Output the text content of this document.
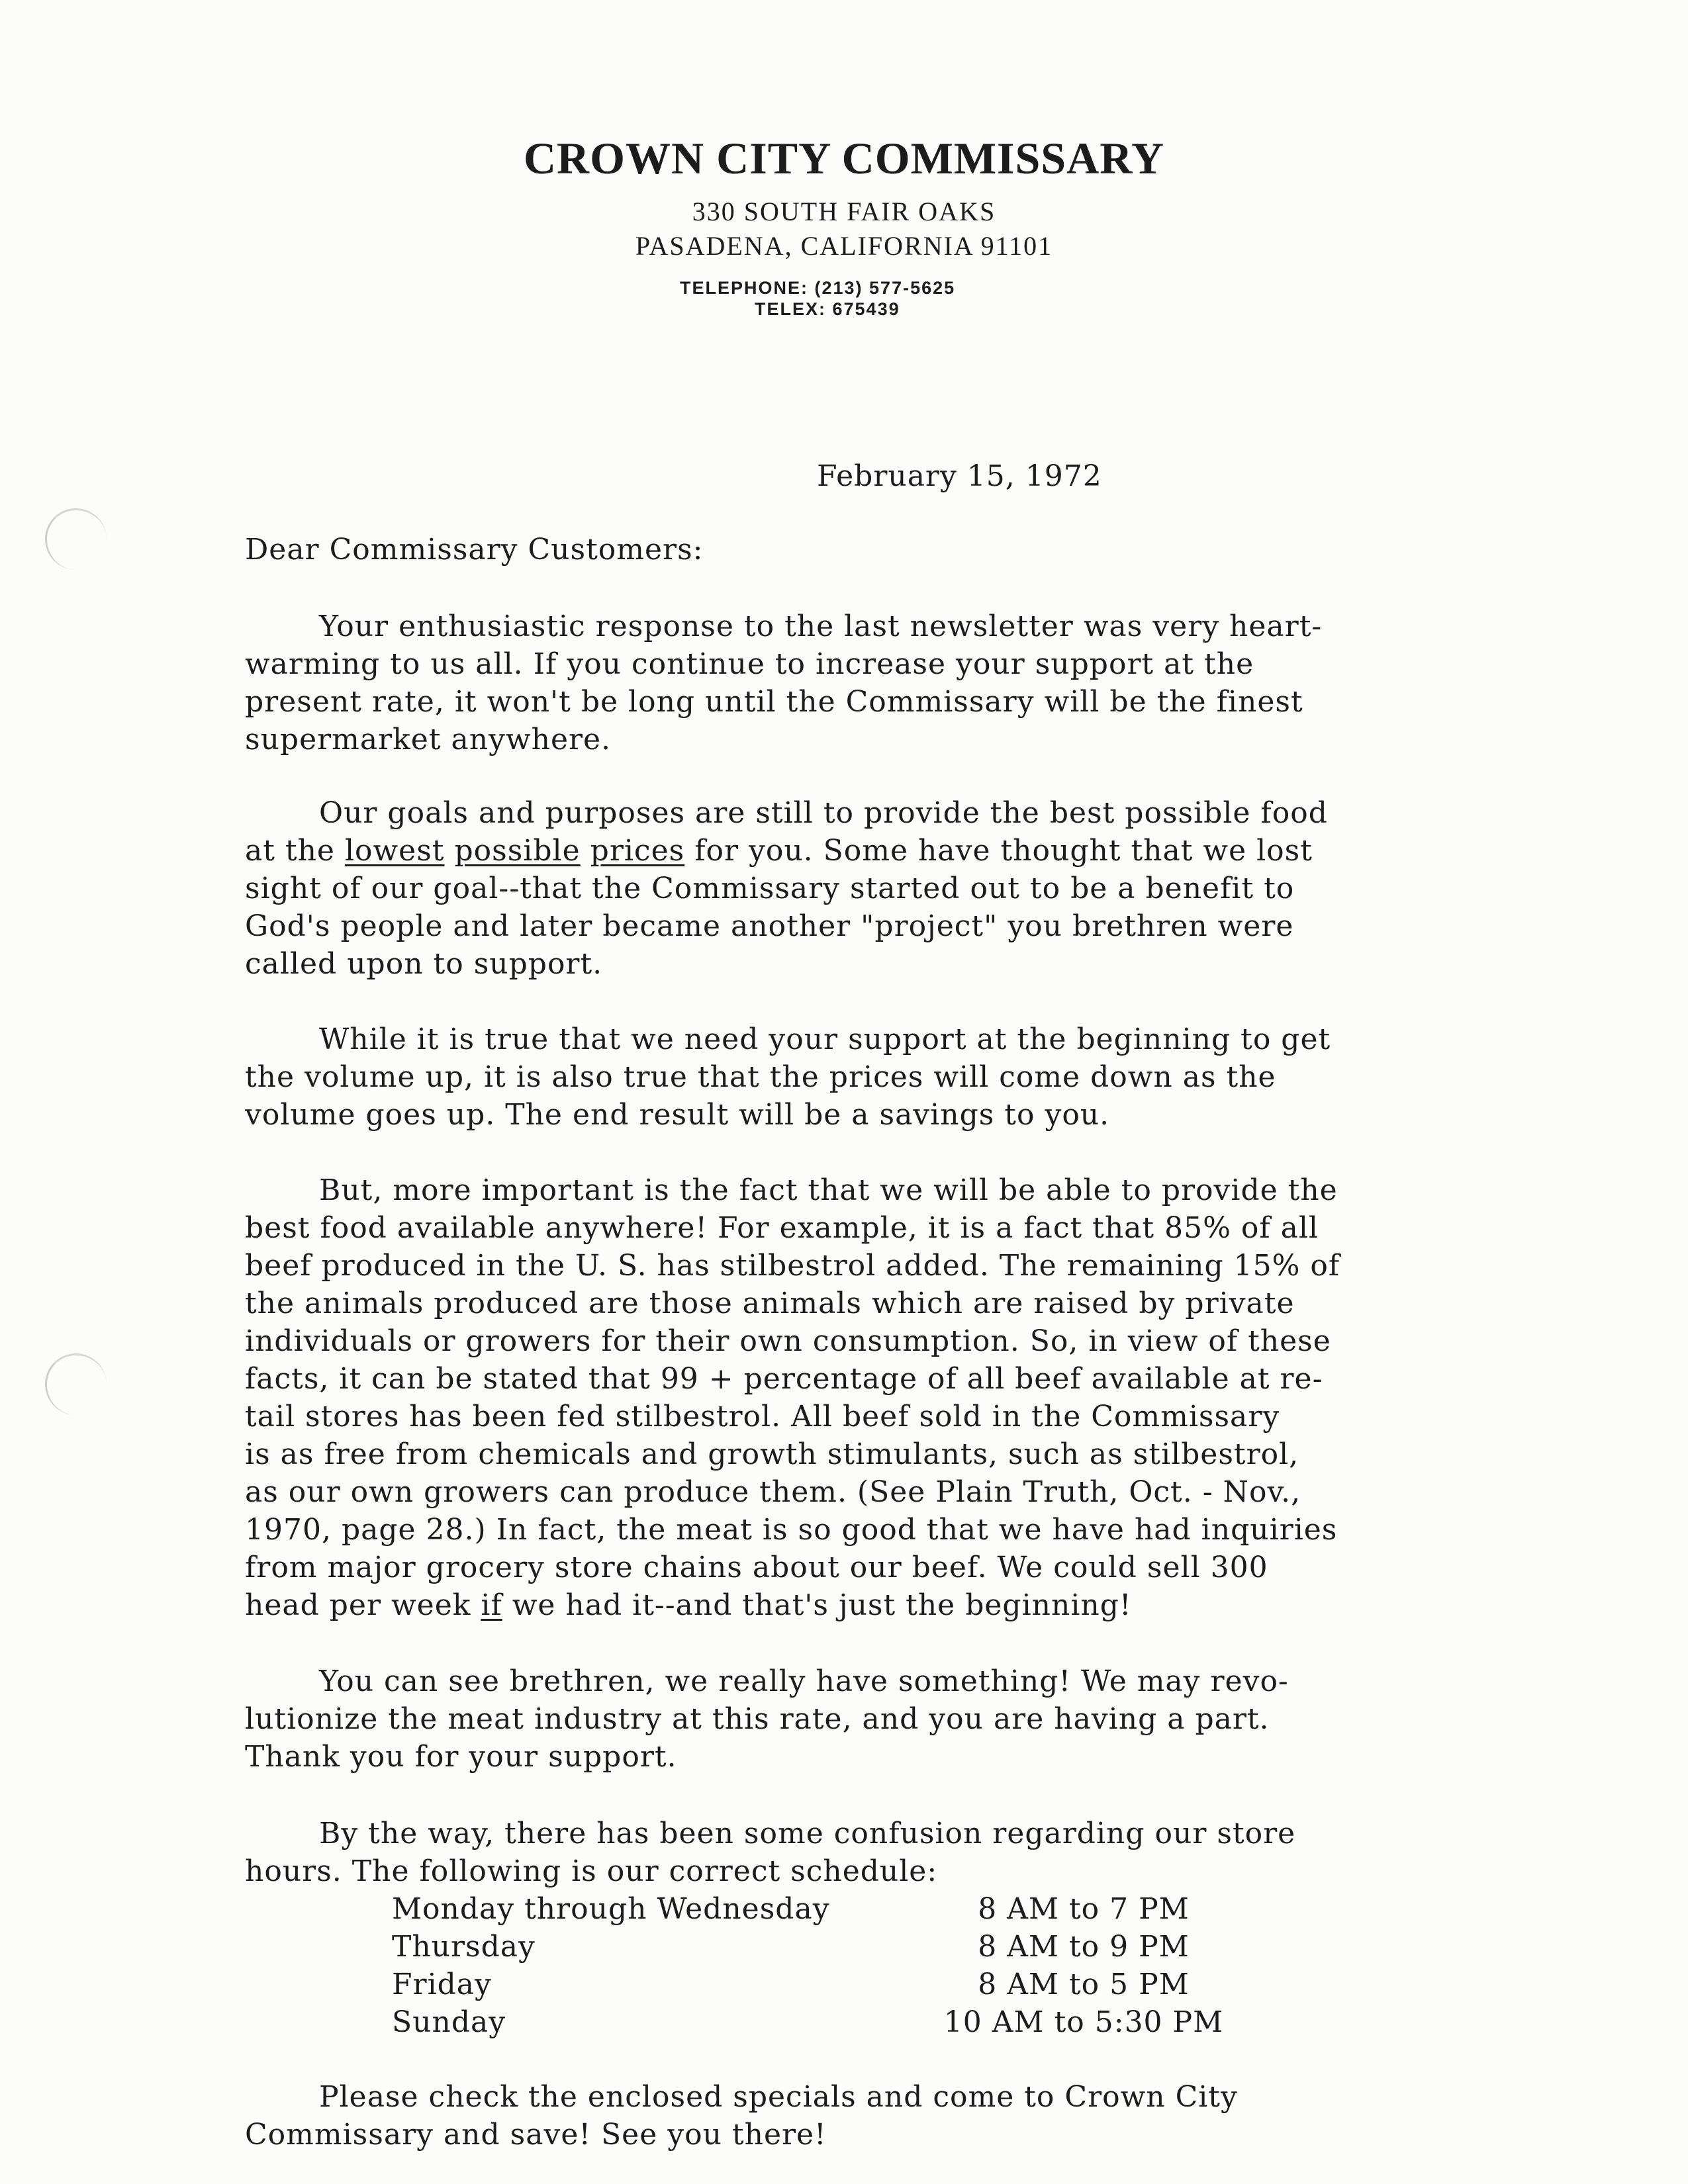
CROWN CITY COMMISSARY
330 SOUTH FAIR OAKS
PASADENA, CALIFORNIA 91101
TELEPHONE: (213) 577-5625
TELEX: 675439
February 15, 1972
Dear Commissary Customers:
Your enthusiastic response to the last newsletter was very heart-
warming to us all. If you continue to increase your support at the
present rate, it won't be long until the Commissary will be the finest
supermarket anywhere.
Our goals and purposes are still to provide the best possible food
at the lowest possible prices for you. Some have thought that we lost
sight of our goal--that the Commissary started out to be a benefit to
God's people and later became another "project" you brethren were
called upon to support.
While it is true that we need your support at the beginning to get
the volume up, it is also true that the prices will come down as the
volume goes up. The end result will be a savings to you.
But, more important is the fact that we will be able to provide the
best food available anywhere! For example, it is a fact that 85% of all
beef produced in the U. S. has stilbestrol added. The remaining 15% of
the animals produced are those animals which are raised by private
individuals or growers for their own consumption. So, in view of these
facts, it can be stated that 99 + percentage of all beef available at re-
tail stores has been fed stilbestrol. All beef sold in the Commissary
is as free from chemicals and growth stimulants, such as stilbestrol,
as our own growers can produce them. (See Plain Truth, Oct. - Nov.,
1970, page 28.) In fact, the meat is so good that we have had inquiries
from major grocery store chains about our beef. We could sell 300
head per week if we had it--and that's just the beginning!
You can see brethren, we really have something! We may revo-
lutionize the meat industry at this rate, and you are having a part.
Thank you for your support.
By the way, there has been some confusion regarding our store
hours. The following is our correct schedule:
Monday through Wednesday	8 AM to 7 PM
Thursday	8 AM to 9 PM
Friday	8 AM to 5 PM
Sunday	10 AM to 5:30 PM
Please check the enclosed specials and come to Crown City
Commissary and save! See you there!
